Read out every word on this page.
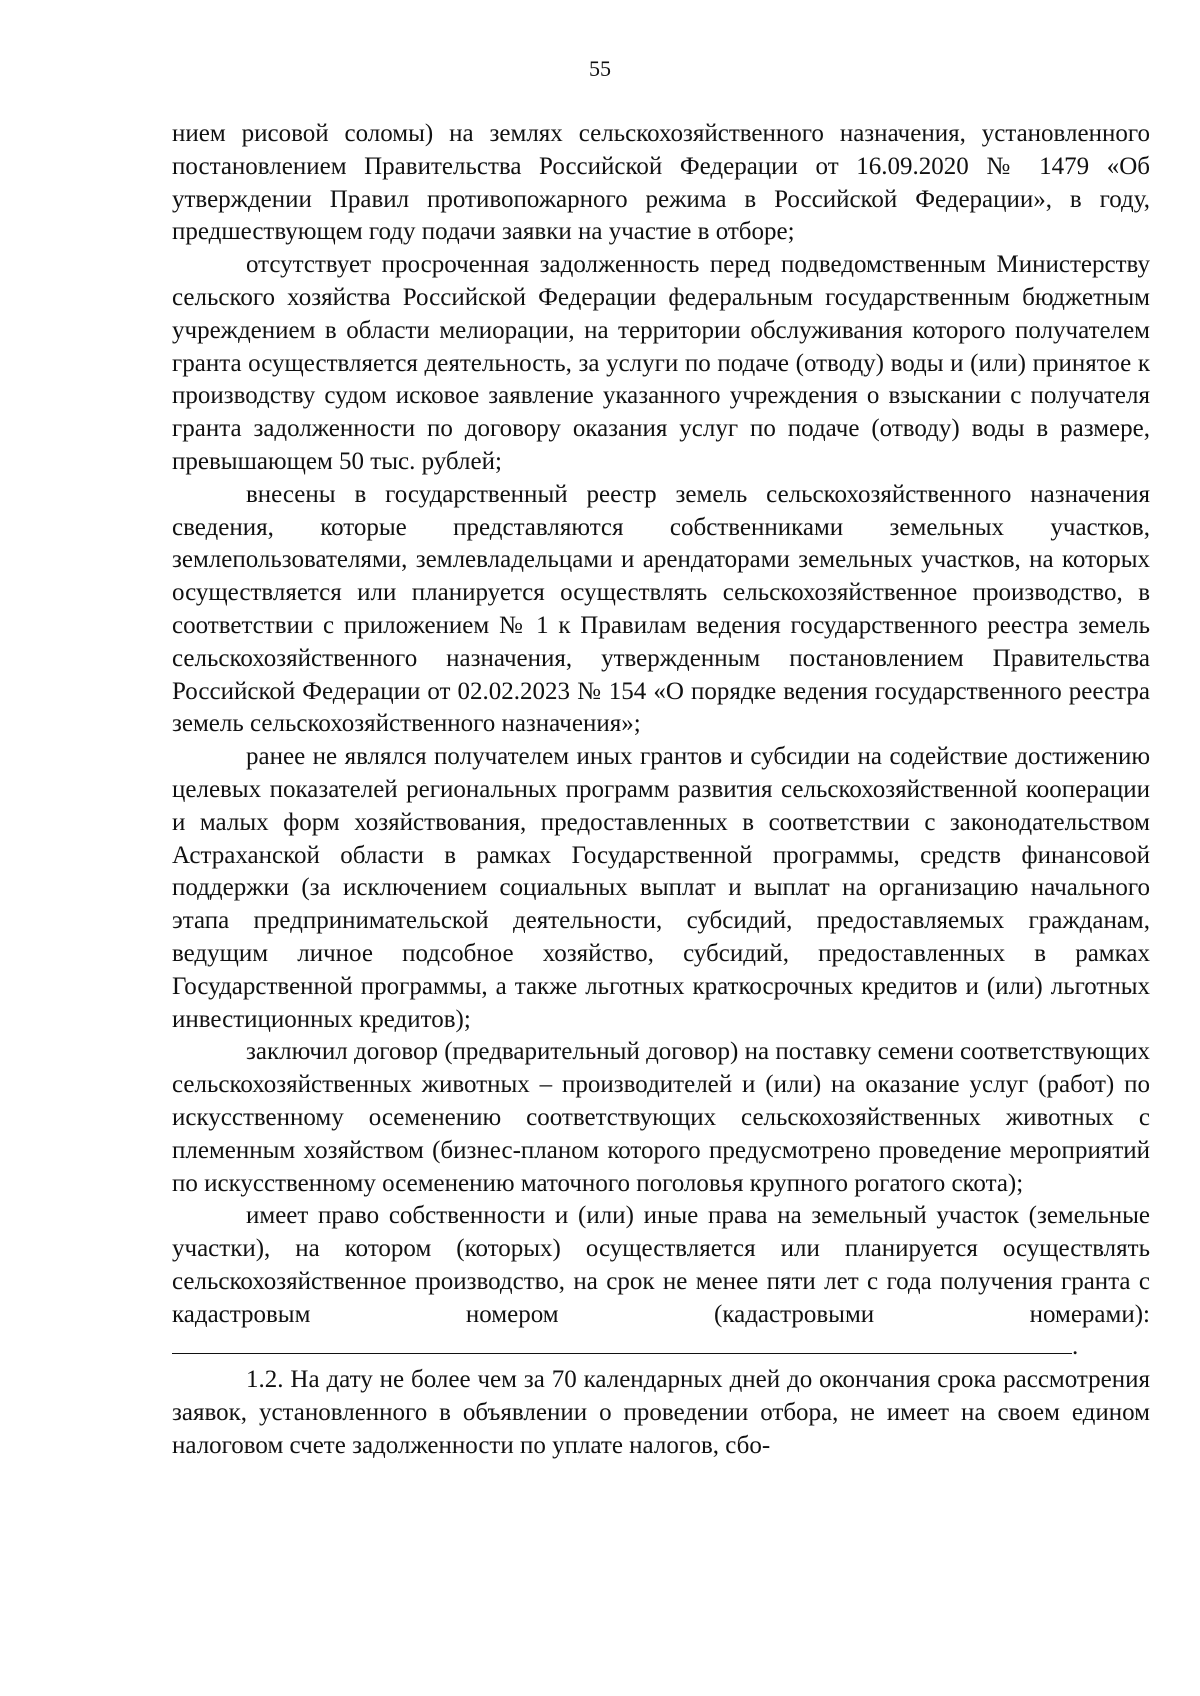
55

нием рисовой соломы) на землях сельскохозяйственного назначения, установленного постановлением Правительства Российской Федерации от 16.09.2020 № 1479 «Об утверждении Правил противопожарного режима в Российской Федерации», в году, предшествующем году подачи заявки на участие в отборе;

отсутствует просроченная задолженность перед подведомственным Министерству сельского хозяйства Российской Федерации федеральным государственным бюджетным учреждением в области мелиорации, на территории обслуживания которого получателем гранта осуществляется деятельность, за услуги по подаче (отводу) воды и (или) принятое к производству судом исковое заявление указанного учреждения о взыскании с получателя гранта задолженности по договору оказания услуг по подаче (отводу) воды в размере, превышающем 50 тыс. рублей;

внесены в государственный реестр земель сельскохозяйственного назначения сведения, которые представляются собственниками земельных участков, землепользователями, землевладельцами и арендаторами земельных участков, на которых осуществляется или планируется осуществлять сельскохозяйственное производство, в соответствии с приложением № 1 к Правилам ведения государственного реестра земель сельскохозяйственного назначения, утвержденным постановлением Правительства Российской Федерации от 02.02.2023 № 154 «О порядке ведения государственного реестра земель сельскохозяйственного назначения»;

ранее не являлся получателем иных грантов и субсидии на содействие достижению целевых показателей региональных программ развития сельскохозяйственной кооперации и малых форм хозяйствования, предоставленных в соответствии с законодательством Астраханской области в рамках Государственной программы, средств финансовой поддержки (за исключением социальных выплат и выплат на организацию начального этапа предпринимательской деятельности, субсидий, предоставляемых гражданам, ведущим личное подсобное хозяйство, субсидий, предоставленных в рамках Государственной программы, а также льготных краткосрочных кредитов и (или) льготных инвестиционных кредитов);

заключил договор (предварительный договор) на поставку семени соответствующих сельскохозяйственных животных – производителей и (или) на оказание услуг (работ) по искусственному осеменению соответствующих сельскохозяйственных животных с племенным хозяйством (бизнес-планом которого предусмотрено проведение мероприятий по искусственному осеменению маточного поголовья крупного рогатого скота);

имеет право собственности и (или) иные права на земельный участок (земельные участки), на котором (которых) осуществляется или планируется осуществлять сельскохозяйственное производство, на срок не менее пяти лет с года получения гранта с кадастровым номером (кадастровыми номерами):.

1.2. На дату не более чем за 70 календарных дней до окончания срока рассмотрения заявок, установленного в объявлении о проведении отбора, не имеет на своем едином налоговом счете задолженности по уплате налогов, сбо-
